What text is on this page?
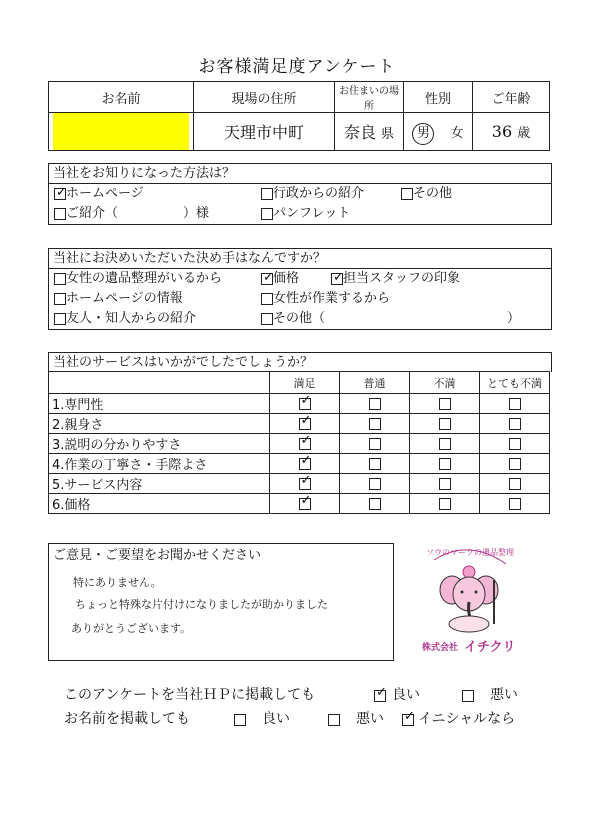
お客様満足度アンケート
お名前	現場の住所	お住まいの場所	性別	ご年齢

	天理市中町	奈良 県	男　 女	36 歳
当社をお知りになった方法は？
✓ホームページ	行政からの紹介	その他
ご紹介（　　　　　）様	パンフレット
当社にお決めいただいた決め手はなんですか？
女性の遺品整理がいるから ✓	価格 ✓	担当スタッフの印象
ホームページの情報	女性が作業するから
友人・知人からの紹介	その他（　　　　　　　　　　　　　　）
当社のサービスはいかがでしたでしょうか？
	満足	普通	不満	とても不満
1.専門性	✓			
2.親身さ	✓			
3.説明の分かりやすさ	✓			
4.作業の丁寧さ・手際よさ	✓			
5.サービス内容	✓			
6.価格	✓			
ご意見・ご要望をお聞かせください
特にありません。
ちょっと特殊な片付けになりましたが助かりました
ありがとうございます。
ソウのマークの遺品整理
株式会社 イチクリ
このアンケートを当社ＨＰに掲載しても ✓	良い	悪い
お名前を掲載しても	良い	悪い ✓ イニシャルなら
